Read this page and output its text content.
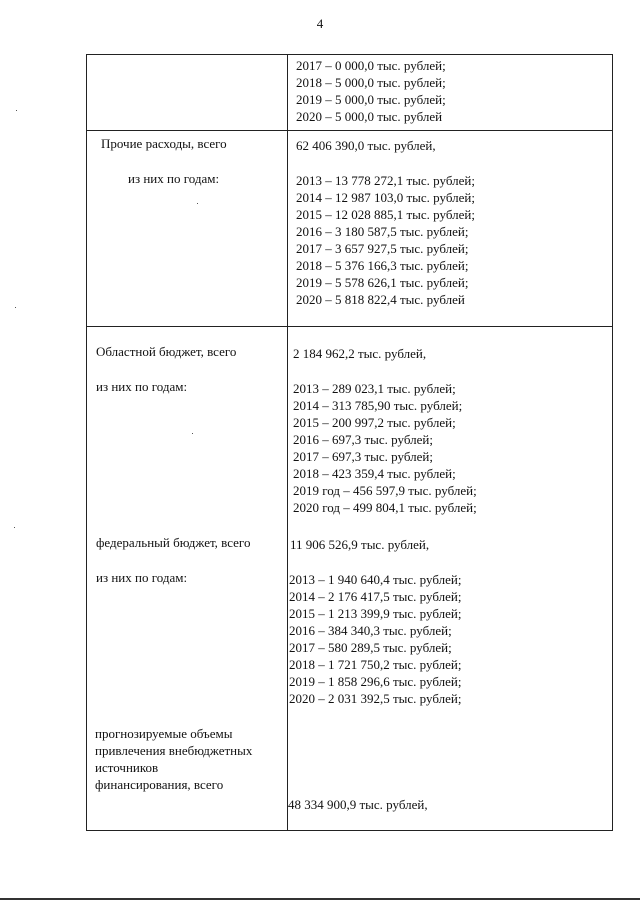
4
2017 – 0 000,0 тыс. рублей;
2018 – 5 000,0 тыс. рублей;
2019 – 5 000,0 тыс. рублей;
2020 – 5 000,0 тыс. рублей
Прочие расходы, всего	62 406 390,0 тыс. рублей,
из них по годам:	2013 – 13 778 272,1 тыс. рублей;
2014 – 12 987 103,0 тыс. рублей;
2015 – 12 028 885,1 тыс. рублей;
2016 – 3 180 587,5 тыс. рублей;
2017 – 3 657 927,5 тыс. рублей;
2018 – 5 376 166,3 тыс. рублей;
2019 – 5 578 626,1 тыс. рублей;
2020 – 5 818 822,4 тыс. рублей
Областной бюджет, всего	2 184 962,2 тыс. рублей,
из них по годам:	2013 – 289 023,1 тыс. рублей;
2014 – 313 785,90 тыс. рублей;
2015 – 200 997,2 тыс. рублей;
2016 – 697,3 тыс. рублей;
2017 – 697,3 тыс. рублей;
2018 – 423 359,4 тыс. рублей;
2019 год – 456 597,9 тыс. рублей;
2020 год – 499 804,1 тыс. рублей;
федеральный бюджет, всего	11 906 526,9 тыс. рублей,
из них по годам:	2013 – 1 940 640,4 тыс. рублей;
2014 – 2 176 417,5 тыс. рублей;
2015 – 1 213 399,9 тыс. рублей;
2016 – 384 340,3 тыс. рублей;
2017 – 580 289,5 тыс. рублей;
2018 – 1 721 750,2 тыс. рублей;
2019 – 1 858 296,6 тыс. рублей;
2020 – 2 031 392,5 тыс. рублей;
прогнозируемые объемы
привлечения внебюджетных
источников
финансирования, всего
48 334 900,9 тыс. рублей,
